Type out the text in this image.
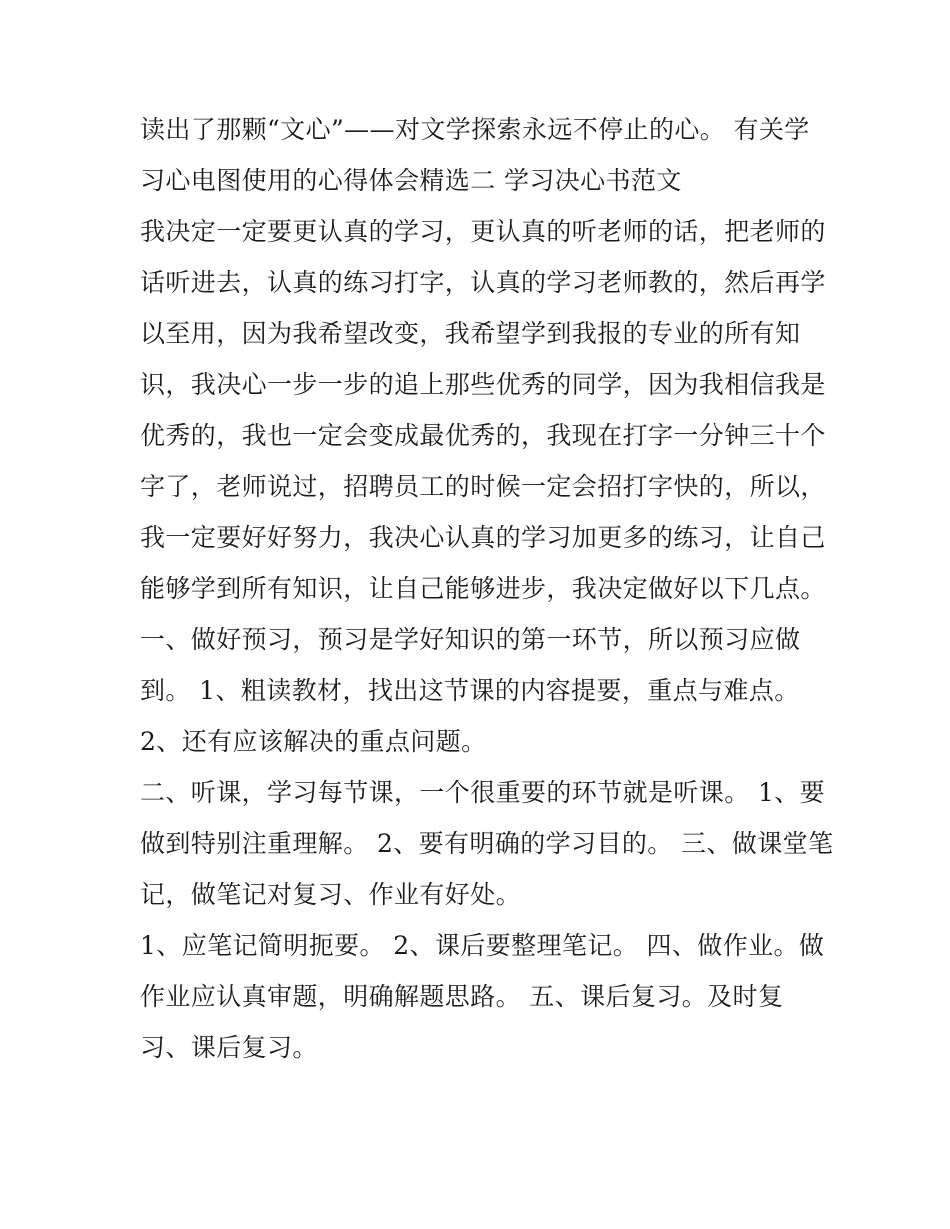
读出了那颗“文心”——对文学探索永远不停止的心。 有关学
习心电图使用的心得体会精选二 学习决心书范文
我决定一定要更认真的学习，更认真的听老师的话，把老师的
话听进去，认真的练习打字，认真的学习老师教的，然后再学
以至用，因为我希望改变，我希望学到我报的专业的所有知
识，我决心一步一步的追上那些优秀的同学，因为我相信我是
优秀的，我也一定会变成最优秀的，我现在打字一分钟三十个
字了，老师说过，招聘员工的时候一定会招打字快的，所以，
我一定要好好努力，我决心认真的学习加更多的练习，让自己
能够学到所有知识，让自己能够进步，我决定做好以下几点。
一、做好预习，预习是学好知识的第一环节，所以预习应做
到。 1、粗读教材，找出这节课的内容提要，重点与难点。
2、还有应该解决的重点问题。
二、听课，学习每节课，一个很重要的环节就是听课。 1、要
做到特别注重理解。 2、要有明确的学习目的。 三、做课堂笔
记，做笔记对复习、作业有好处。
1、应笔记简明扼要。 2、课后要整理笔记。 四、做作业。做
作业应认真审题，明确解题思路。 五、课后复习。及时复
习、课后复习。
